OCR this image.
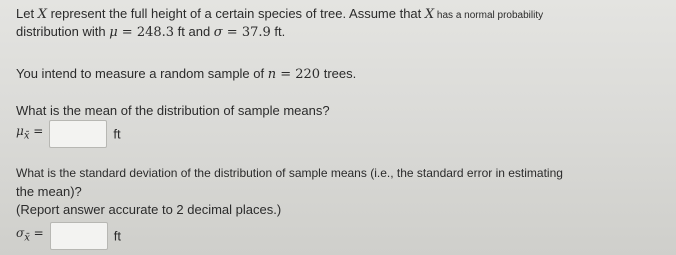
Let X represent the full height of a certain species of tree. Assume that X has a normal probability
distribution with μ = 248.3 ft and σ = 37.9 ft.
You intend to measure a random sample of n = 220 trees.
What is the mean of the distribution of sample means?
$\mu_{x̄}$ =	ft
What is the standard deviation of the distribution of sample means (i.e., the standard error in estimating
the mean)?
(Report answer accurate to 2 decimal places.)
$\sigma_{x̄}$ =	ft
